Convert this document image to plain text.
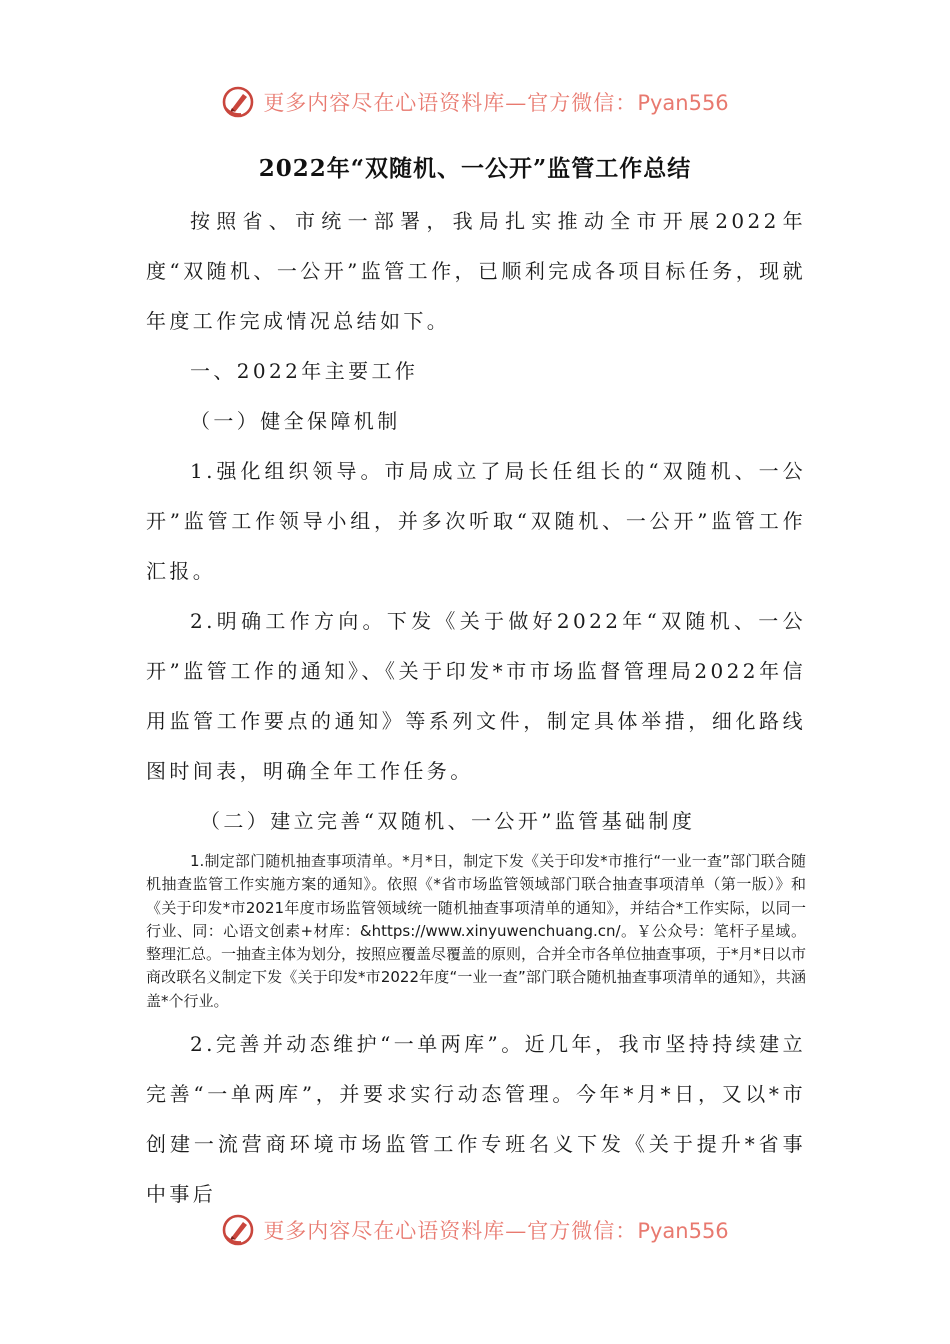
更多内容尽在心语资料库—官方微信：Pyan556
2022年“双随机、一公开”监管工作总结

按照省、市统一部署，我局扎实推动全市开展2022年度“双随机、一公开”监管工作，已顺利完成各项目标任务，现就年度工作完成情况总结如下。

一、2022年主要工作

（一）健全保障机制

1.强化组织领导。市局成立了局长任组长的“双随机、一公开”监管工作领导小组，并多次听取“双随机、一公开”监管工作汇报。

2.明确工作方向。下发《关于做好2022年“双随机、一公开”监管工作的通知》、《关于印发*市市场监督管理局2022年信用监管工作要点的通知》等系列文件，制定具体举措，细化路线图时间表，明确全年工作任务。

（二）建立完善“双随机、一公开”监管基础制度

1.制定部门随机抽查事项清单。*月*日，制定下发《关于印发*市推行“一业一查”部门联合随机抽查监管工作实施方案的通知》。依照《*省市场监管领域部门联合抽查事项清单（第一版）》和《关于印发*市2021年度市场监管领域统一随机抽查事项清单的通知》，并结合*工作实际，以同一行业、同：心语文创素+材库：&https://www.xinyuwenchuang.cn/。￥公众号：笔杆子星域。整理汇总。一抽查主体为划分，按照应覆盖尽覆盖的原则，合并全市各单位抽查事项，于*月*日以市商改联名义制定下发《关于印发*市2022年度“一业一查”部门联合随机抽查事项清单的通知》，共涵盖*个行业。

2.完善并动态维护“一单两库”。近几年，我市坚持持续建立完善“一单两库”，并要求实行动态管理。今年*月*日，又以*市创建一流营商环境市场监管工作专班名义下发《关于提升*省事中事后

更多内容尽在心语资料库—官方微信：Pyan556
